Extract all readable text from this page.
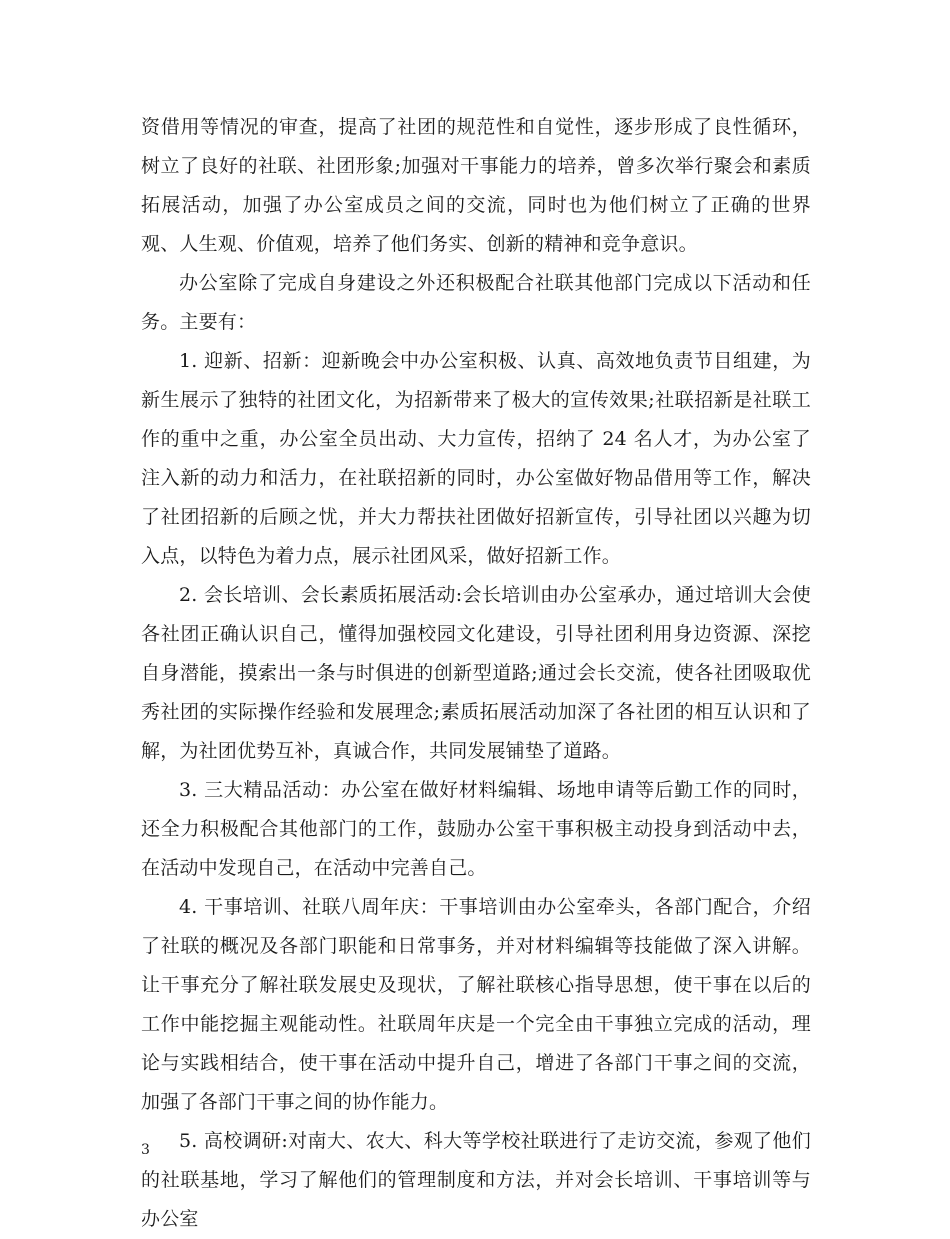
资借用等情况的审查，提高了社团的规范性和自觉性，逐步形成了良性循环，树立了良好的社联、社团形象;加强对干事能力的培养，曾多次举行聚会和素质拓展活动，加强了办公室成员之间的交流，同时也为他们树立了正确的世界观、人生观、价值观，培养了他们务实、创新的精神和竞争意识。

办公室除了完成自身建设之外还积极配合社联其他部门完成以下活动和任务。主要有：

1. 迎新、招新：迎新晚会中办公室积极、认真、高效地负责节目组建，为新生展示了独特的社团文化，为招新带来了极大的宣传效果;社联招新是社联工作的重中之重，办公室全员出动、大力宣传，招纳了 24 名人才，为办公室了注入新的动力和活力，在社联招新的同时，办公室做好物品借用等工作，解决了社团招新的后顾之忧，并大力帮扶社团做好招新宣传，引导社团以兴趣为切入点，以特色为着力点，展示社团风采，做好招新工作。

2. 会长培训、会长素质拓展活动:会长培训由办公室承办，通过培训大会使各社团正确认识自己，懂得加强校园文化建设，引导社团利用身边资源、深挖自身潜能，摸索出一条与时俱进的创新型道路;通过会长交流，使各社团吸取优秀社团的实际操作经验和发展理念;素质拓展活动加深了各社团的相互认识和了解，为社团优势互补，真诚合作，共同发展铺垫了道路。

3. 三大精品活动：办公室在做好材料编辑、场地申请等后勤工作的同时，还全力积极配合其他部门的工作，鼓励办公室干事积极主动投身到活动中去，在活动中发现自己，在活动中完善自己。

4. 干事培训、社联八周年庆：干事培训由办公室牵头，各部门配合，介绍了社联的概况及各部门职能和日常事务，并对材料编辑等技能做了深入讲解。让干事充分了解社联发展史及现状，了解社联核心指导思想，使干事在以后的工作中能挖掘主观能动性。社联周年庆是一个完全由干事独立完成的活动，理论与实践相结合，使干事在活动中提升自己，增进了各部门干事之间的交流，加强了各部门干事之间的协作能力。

5. 高校调研:对南大、农大、科大等学校社联进行了走访交流，参观了他们的社联基地，学习了解他们的管理制度和方法，并对会长培训、干事培训等与办公室

3
